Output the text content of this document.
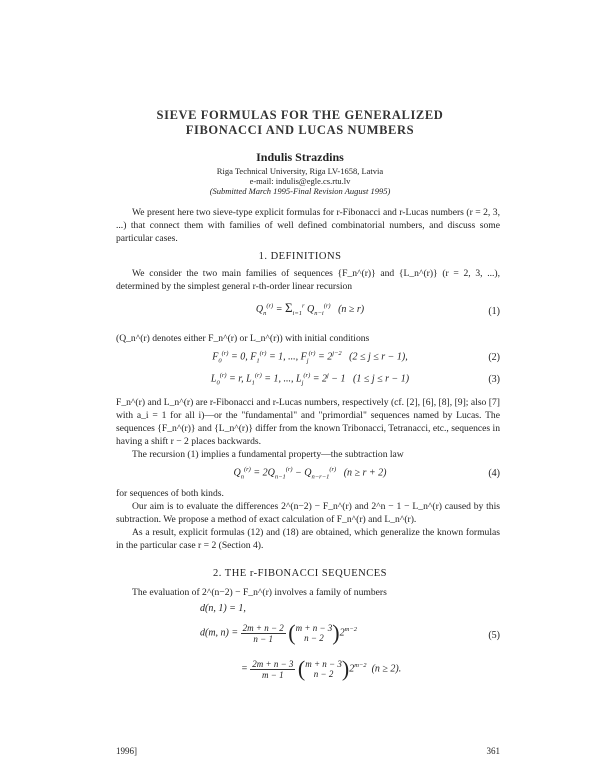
SIEVE FORMULAS FOR THE GENERALIZED
FIBONACCI AND LUCAS NUMBERS
Indulis Strazdins
Riga Technical University, Riga LV-1658, Latvia
e-mail: indulis@egle.cs.rtu.lv
(Submitted March 1995-Final Revision August 1995)
We present here two sieve-type explicit formulas for r-Fibonacci and r-Lucas numbers (r = 2, 3, ...) that connect them with families of well defined combinatorial numbers, and discuss some particular cases.
1. DEFINITIONS
We consider the two main families of sequences {F_n^(r)} and {L_n^(r)} (r = 2, 3, ...), determined by the simplest general r-th-order linear recursion
$Q_n^{(r)} = \Sigma_{i=1}^r$ $Q_{n-i}^{(r)}$   (n ≥ r)	(1)
(Q_n^(r) denotes either F_n^(r) or L_n^(r)) with initial conditions
$F_0^{(r)} = 0$, $F_1^{(r)} = 1$, ..., $F_j^{(r)} = 2^{j-2}$   (2 ≤ j ≤ r − 1),	(2)
$L_0^{(r)} = r$, $L_1^{(r)} = 1$, ..., $L_j^{(r)} = 2^j - 1$   (1 ≤ j ≤ r − 1)	(3)
F_n^(r) and L_n^(r) are r-Fibonacci and r-Lucas numbers, respectively (cf. [2], [6], [8], [9]; also [7] with a_i = 1 for all i)—or the "fundamental" and "primordial" sequences named by Lucas. The sequences {F_n^(r)} and {L_n^(r)} differ from the known Tribonacci, Tetranacci, etc., sequences in having a shift r − 2 places backwards.
The recursion (1) implies a fundamental property—the subtraction law
$Q_n^{(r)} = 2Q_{n-1}^{(r)} - Q_{n-r-1}^{(r)}$   (n ≥ r + 2)	(4)
for sequences of both kinds.
Our aim is to evaluate the differences 2^(n−2) − F_n^(r) and 2^n − 1 − L_n^(r) caused by this subtraction. We propose a method of exact calculation of F_n^(r) and L_n^(r).
As a result, explicit formulas (12) and (18) are obtained, which generalize the known formulas in the particular case r = 2 (Section 4).
2. THE r-FIBONACCI SEQUENCES
The evaluation of 2^(n−2) − F_n^(r) involves a family of numbers
d(n, 1) = 1,
d(m, $n) = \frac{2m + n - 2}{n - 1} (m + n - 3$
n − 2 )$2^{m-2}$
(5)
= $\frac{2m + n - 3}{m - 1} (m + n - 3$
n − 2 )$2^{m-2}$  (n ≥ 2).
1996]	361
